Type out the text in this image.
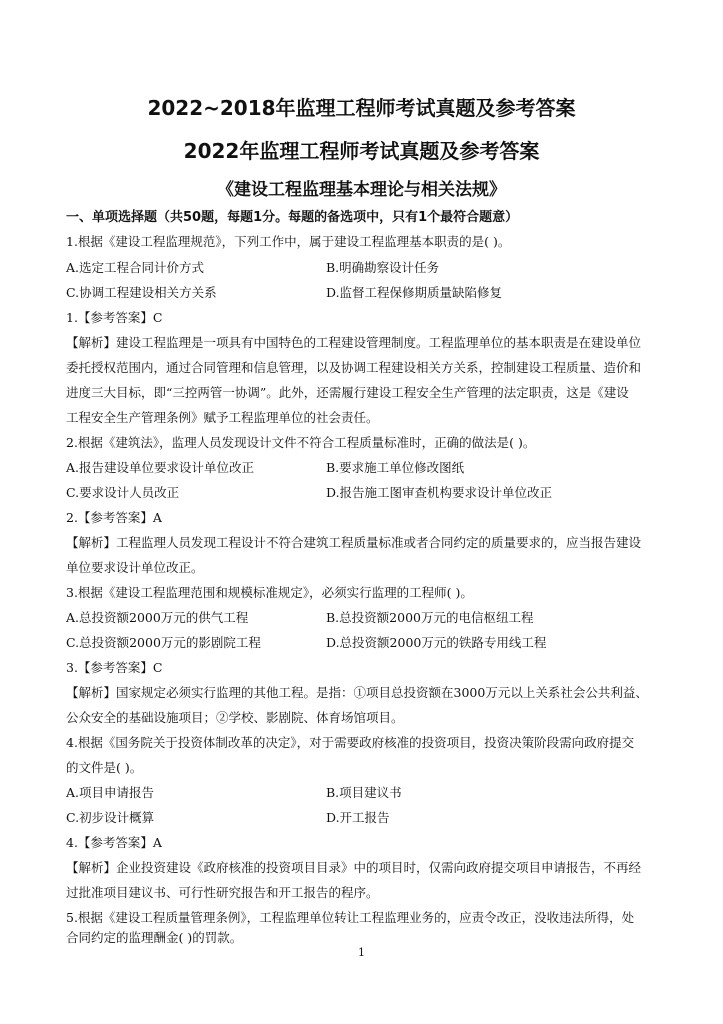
2022~2018年监理工程师考试真题及参考答案
2022年监理工程师考试真题及参考答案
《建设工程监理基本理论与相关法规》
一、单项选择题（共50题，每题1分。每题的备选项中，只有1个最符合题意）
1.根据《建设工程监理规范》，下列工作中，属于建设工程监理基本职责的是( )。
A.选定工程合同计价方式	B.明确勘察设计任务
C.协调工程建设相关方关系	D.监督工程保修期质量缺陷修复
1.【参考答案】C
【解析】建设工程监理是一项具有中国特色的工程建设管理制度。工程监理单位的基本职责是在建设单位
委托授权范围内，通过合同管理和信息管理，以及协调工程建设相关方关系，控制建设工程质量、造价和
进度三大目标，即“三控两管一协调”。此外，还需履行建设工程安全生产管理的法定职责，这是《建设
工程安全生产管理条例》赋予工程监理单位的社会责任。
2.根据《建筑法》，监理人员发现设计文件不符合工程质量标准时，正确的做法是( )。
A.报告建设单位要求设计单位改正	B.要求施工单位修改图纸
C.要求设计人员改正	D.报告施工图审查机构要求设计单位改正
2.【参考答案】A
【解析】工程监理人员发现工程设计不符合建筑工程质量标准或者合同约定的质量要求的，应当报告建设
单位要求设计单位改正。
3.根据《建设工程监理范围和规模标准规定》，必须实行监理的工程师( )。
A.总投资额2000万元的供气工程	B.总投资额2000万元的电信枢纽工程
C.总投资额2000万元的影剧院工程	D.总投资额2000万元的铁路专用线工程
3.【参考答案】C
【解析】国家规定必须实行监理的其他工程。是指：①项目总投资额在3000万元以上关系社会公共利益、
公众安全的基础设施项目；②学校、影剧院、体育场馆项目。
4.根据《国务院关于投资体制改革的决定》，对于需要政府核准的投资项目，投资决策阶段需向政府提交
的文件是( )。
A.项目申请报告	B.项目建议书
C.初步设计概算	D.开工报告
4.【参考答案】A
【解析】企业投资建设《政府核准的投资项目目录》中的项目时，仅需向政府提交项目申请报告，不再经
过批准项目建议书、可行性研究报告和开工报告的程序。
5.根据《建设工程质量管理条例》，工程监理单位转让工程监理业务的，应责令改正，没收违法所得，处
合同约定的监理酬金( )的罚款。
1
